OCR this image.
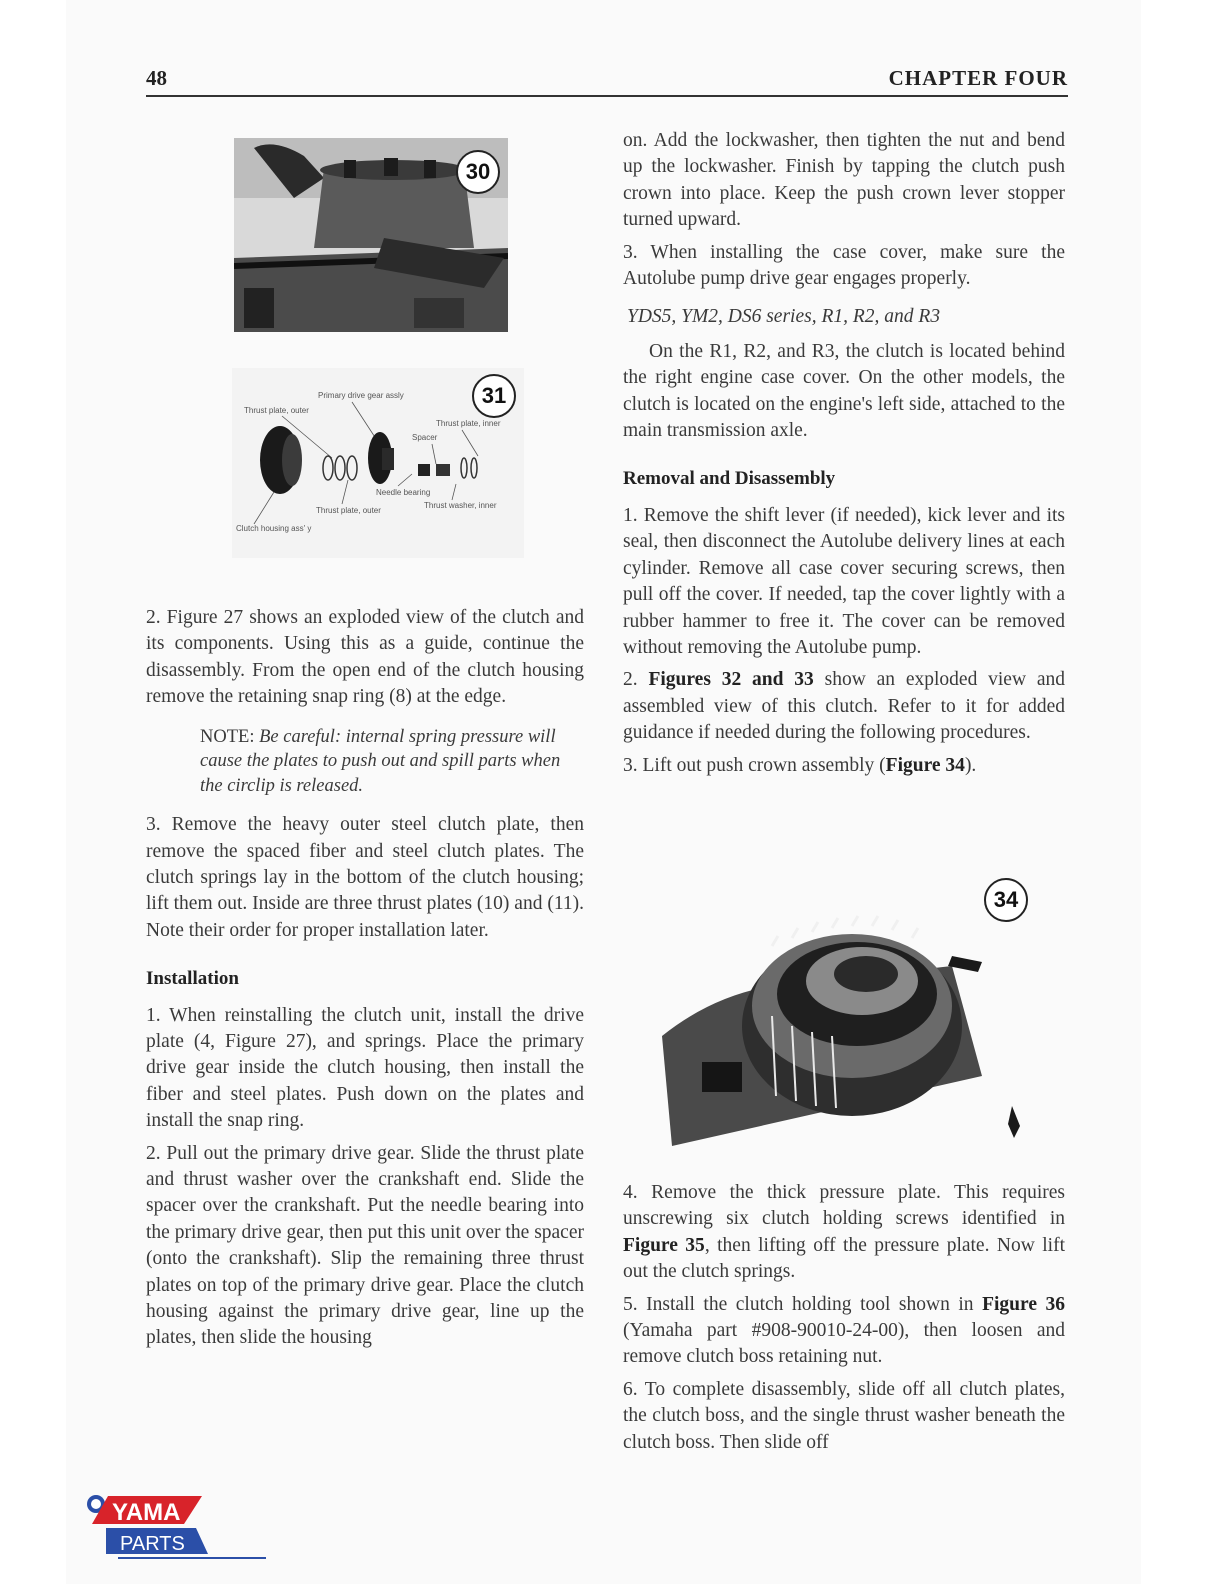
48	CHAPTER FOUR
30
Primary drive gear assly
Thrust plate, outer
Thrust plate, inner
Spacer
Needle bearing
Thrust washer, inner
Thrust plate, outer
Clutch housing ass' y
31

2. Figure 27 shows an exploded view of the clutch and its components. Using this as a guide, continue the disassembly. From the open end of the clutch housing remove the retaining snap ring (8) at the edge.

NOTE: Be careful: internal spring pressure will cause the plates to push out and spill parts when the circlip is released.

3. Remove the heavy outer steel clutch plate, then remove the spaced fiber and steel clutch plates. The clutch springs lay in the bottom of the clutch housing; lift them out. Inside are three thrust plates (10) and (11). Note their order for proper installation later.

Installation

1. When reinstalling the clutch unit, install the drive plate (4, Figure 27), and springs. Place the primary drive gear inside the clutch housing, then install the fiber and steel plates. Push down on the plates and install the snap ring.

2. Pull out the primary drive gear. Slide the thrust plate and thrust washer over the crankshaft end. Slide the spacer over the crankshaft. Put the needle bearing into the primary drive gear, then put this unit over the spacer (onto the crankshaft). Slip the remaining three thrust plates on top of the primary drive gear. Place the clutch housing against the primary drive gear, line up the plates, then slide the housing

on. Add the lockwasher, then tighten the nut and bend up the lockwasher. Finish by tapping the clutch push crown into place. Keep the push crown lever stopper turned upward.

3. When installing the case cover, make sure the Autolube pump drive gear engages properly.

YDS5, YM2, DS6 series, R1, R2, and R3

On the R1, R2, and R3, the clutch is located behind the right engine case cover. On the other models, the clutch is located on the engine's left side, attached to the main transmission axle.

Removal and Disassembly

1. Remove the shift lever (if needed), kick lever and its seal, then disconnect the Autolube delivery lines at each cylinder. Remove all case cover securing screws, then pull off the cover. If needed, tap the cover lightly with a rubber hammer to free it. The cover can be removed without removing the Autolube pump.

2. Figures 32 and 33 show an exploded view and assembled view of this clutch. Refer to it for added guidance if needed during the following procedures.

3. Lift out push crown assembly (Figure 34).

34

4. Remove the thick pressure plate. This requires unscrewing six clutch holding screws identified in Figure 35, then lifting off the pressure plate. Now lift out the clutch springs.

5. Install the clutch holding tool shown in Figure 36 (Yamaha part #908-90010-24-00), then loosen and remove clutch boss retaining nut.

6. To complete disassembly, slide off all clutch plates, the clutch boss, and the single thrust washer beneath the clutch boss. Then slide off

YAMA
PARTS
